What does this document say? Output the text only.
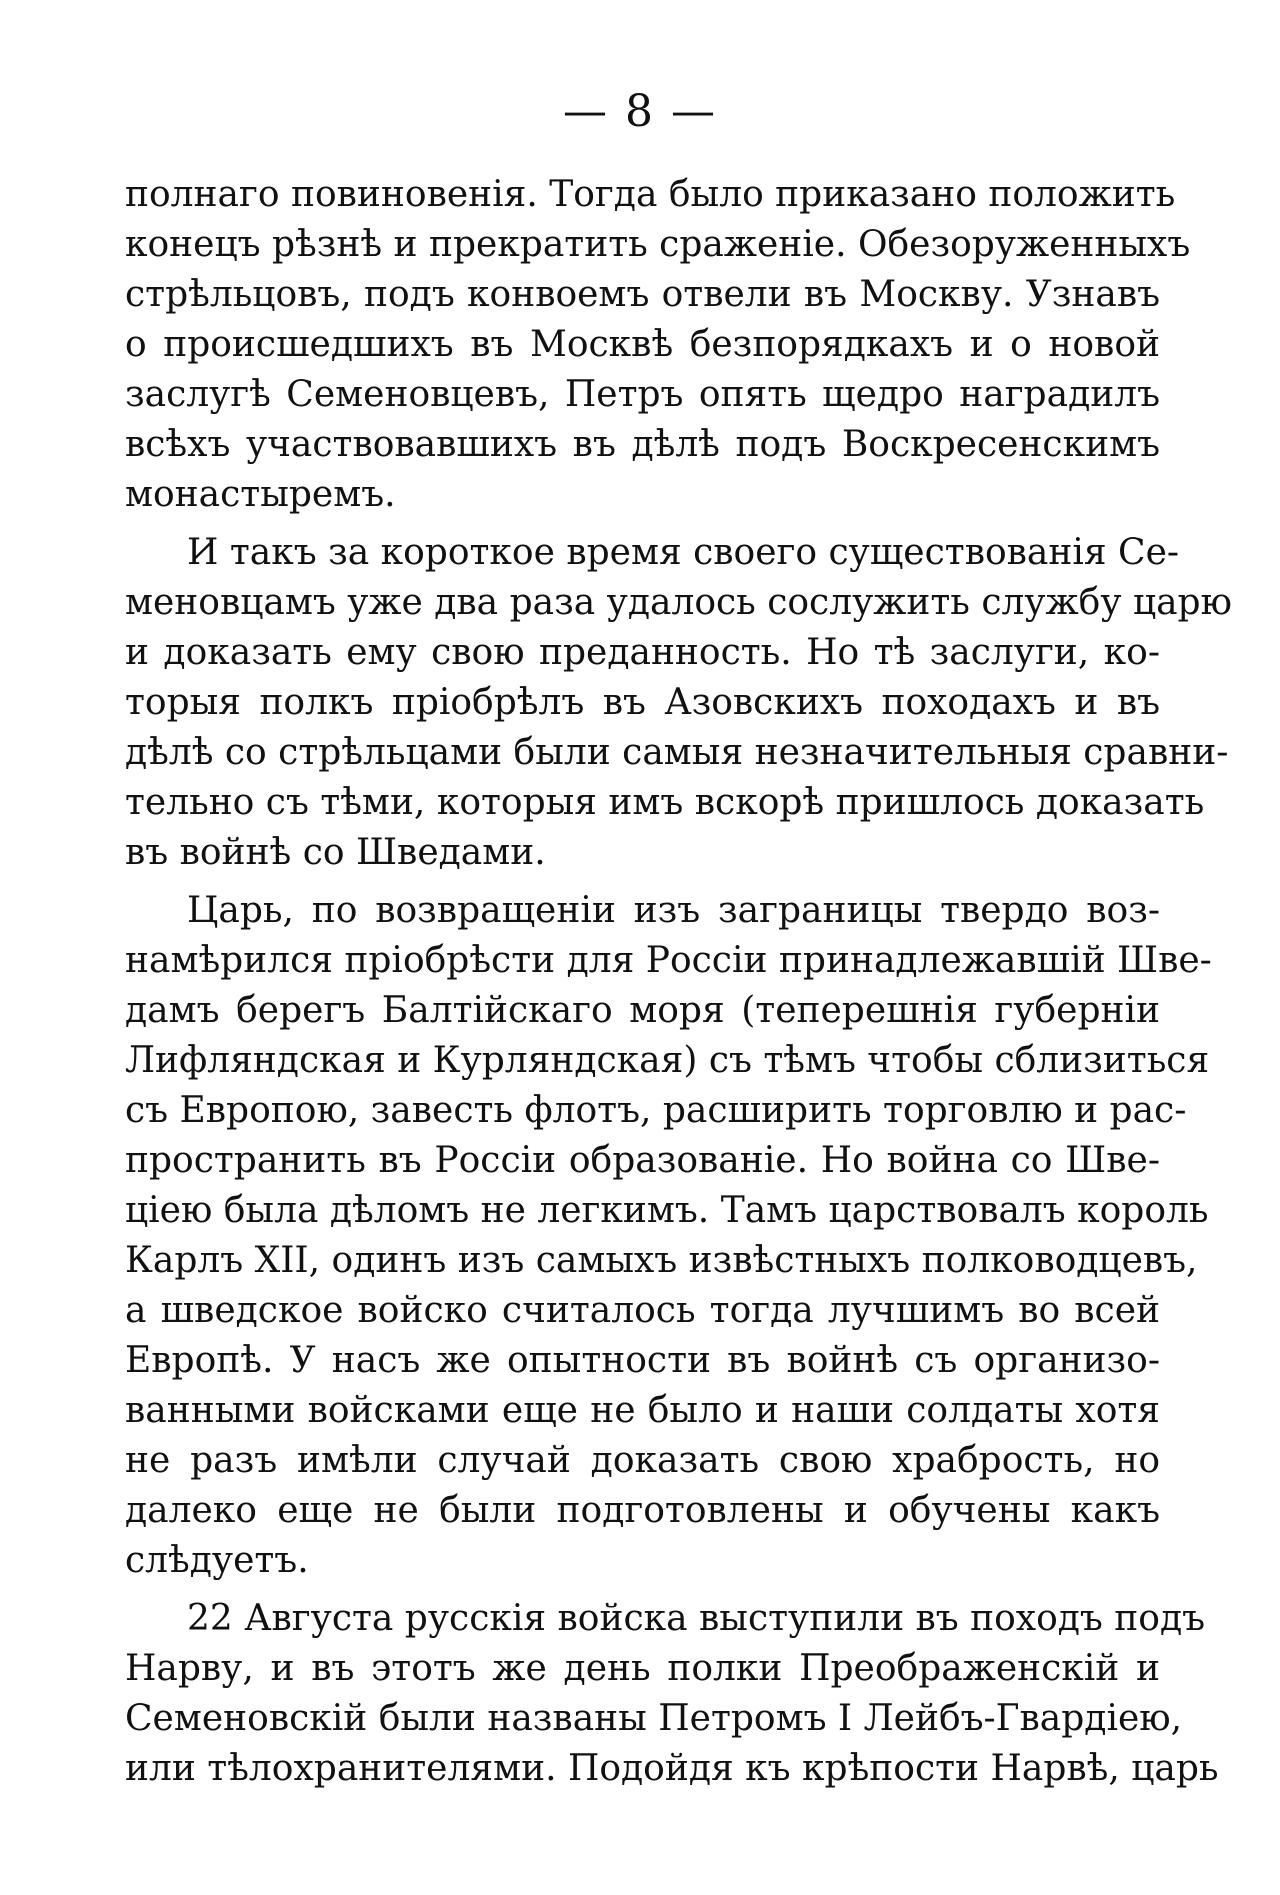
— 8 —
полнаго повиновенія. Тогда было приказано положить
конецъ рѣзнѣ и прекратить сраженіе. Обезоруженныхъ
стрѣльцовъ, подъ конвоемъ отвели въ Москву. Узнавъ
о происшедшихъ въ Москвѣ безпорядкахъ и о новой
заслугѣ Семеновцевъ, Петръ опять щедро наградилъ
всѣхъ участвовавшихъ въ дѣлѣ подъ Воскресенскимъ
монастыремъ.
И такъ за короткое время своего существованія Се-
меновцамъ уже два раза удалось сослужить службу царю
и доказать ему свою преданность. Но тѣ заслуги, ко-
торыя полкъ пріобрѣлъ въ Азовскихъ походахъ и въ
дѣлѣ со стрѣльцами были самыя незначительныя сравни-
тельно съ тѣми, которыя имъ вскорѣ пришлось доказать
въ войнѣ со Шведами.
Царь, по возвращеніи изъ заграницы твердо воз-
намѣрился пріобрѣсти для Россіи принадлежавшій Шве-
дамъ берегъ Балтійскаго моря (теперешнія губерніи
Лифляндская и Курляндская) съ тѣмъ чтобы сблизиться
съ Европою, завесть флотъ, расширить торговлю и рас-
пространить въ Россіи образованіе. Но война со Шве-
ціею была дѣломъ не легкимъ. Тамъ царствовалъ король
Карлъ XII, одинъ изъ самыхъ извѣстныхъ полководцевъ,
а шведское войско считалось тогда лучшимъ во всей
Европѣ. У насъ же опытности въ войнѣ съ организо-
ванными войсками еще не было и наши солдаты хотя
не разъ имѣли случай доказать свою храбрость, но
далеко еще не были подготовлены и обучены какъ
слѣдуетъ.
22 Августа русскія войска выступили въ походъ подъ
Нарву, и въ этотъ же день полки Преображенскій и
Семеновскій были названы Петромъ I Лейбъ-Гвардіею,
или тѣлохранителями. Подойдя къ крѣпости Нарвѣ, царь
